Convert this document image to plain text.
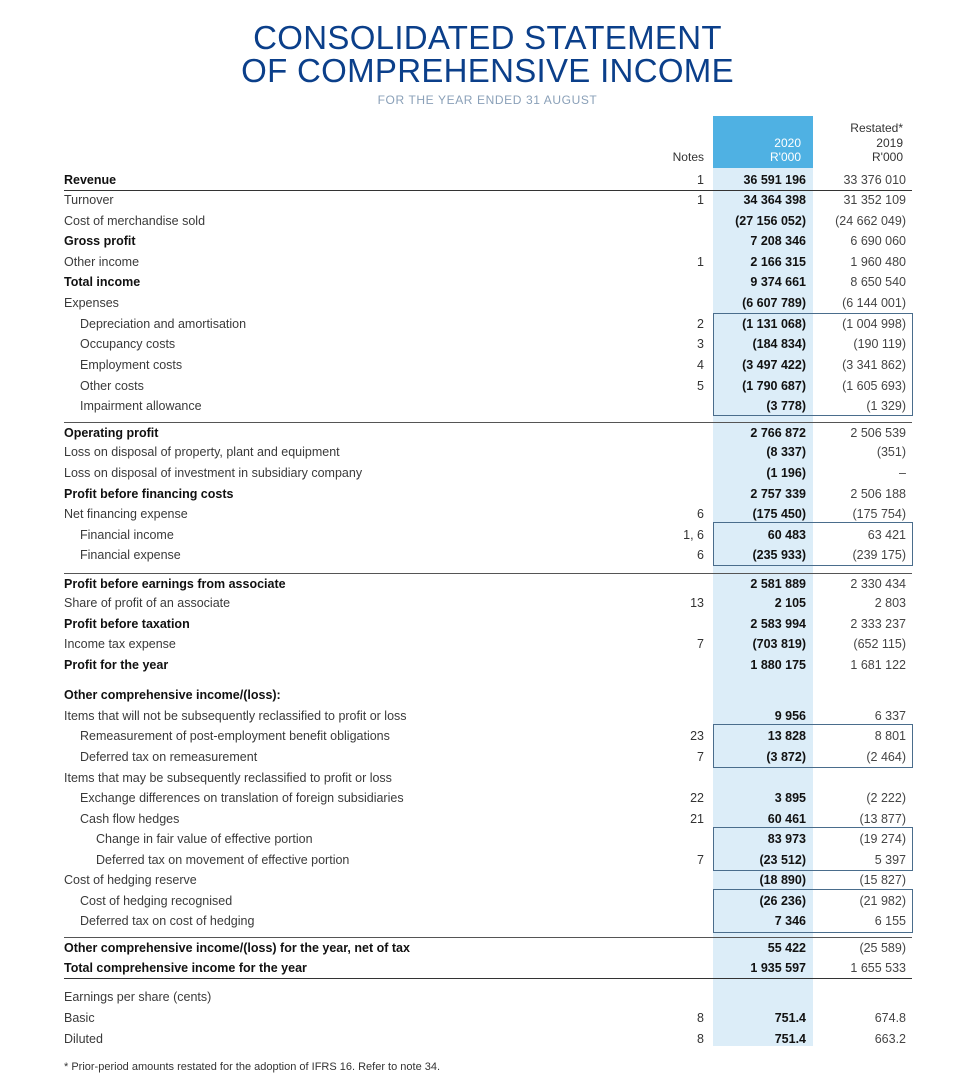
CONSOLIDATED STATEMENT
OF COMPREHENSIVE INCOME
FOR THE YEAR ENDED 31 AUGUST
Notes
2020
R'000
Restated*
2019
R'000
Revenue	1	36 591 196	33 376 010
Turnover	1	34 364 398	31 352 109
Cost of merchandise sold	(27 156 052)	(24 662 049)
Gross profit	7 208 346	6 690 060
Other income	1	2 166 315	1 960 480
Total income	9 374 661	8 650 540
Expenses	(6 607 789)	(6 144 001)
Depreciation and amortisation	2	(1 131 068)	(1 004 998)
Occupancy costs	3	(184 834)	(190 119)
Employment costs	4	(3 497 422)	(3 341 862)
Other costs	5	(1 790 687)	(1 605 693)
Impairment allowance	(3 778)	(1 329)
Operating profit	2 766 872	2 506 539
Loss on disposal of property, plant and equipment	(8 337)	(351)
Loss on disposal of investment in subsidiary company	(1 196)	–
Profit before financing costs	2 757 339	2 506 188
Net financing expense	6	(175 450)	(175 754)
Financial income	1, 6	60 483	63 421
Financial expense	6	(235 933)	(239 175)
Profit before earnings from associate	2 581 889	2 330 434
Share of profit of an associate	13	2 105	2 803
Profit before taxation	2 583 994	2 333 237
Income tax expense	7	(703 819)	(652 115)
Profit for the year	1 880 175	1 681 122
Other comprehensive income/(loss):
Items that will not be subsequently reclassified to profit or loss	9 956	6 337
Remeasurement of post-employment benefit obligations	23	13 828	8 801
Deferred tax on remeasurement	7	(3 872)	(2 464)
Items that may be subsequently reclassified to profit or loss
Exchange differences on translation of foreign subsidiaries	22	3 895	(2 222)
Cash flow hedges	21	60 461	(13 877)
Change in fair value of effective portion	83 973	(19 274)
Deferred tax on movement of effective portion	7	(23 512)	5 397
Cost of hedging reserve	(18 890)	(15 827)
Cost of hedging recognised	(26 236)	(21 982)
Deferred tax on cost of hedging	7 346	6 155
Other comprehensive income/(loss) for the year, net of tax	55 422	(25 589)
Total comprehensive income for the year	1 935 597	1 655 533
Earnings per share (cents)
Basic	8	751.4	674.8
Diluted	8	751.4	663.2
* Prior-period amounts restated for the adoption of IFRS 16. Refer to note 34.
